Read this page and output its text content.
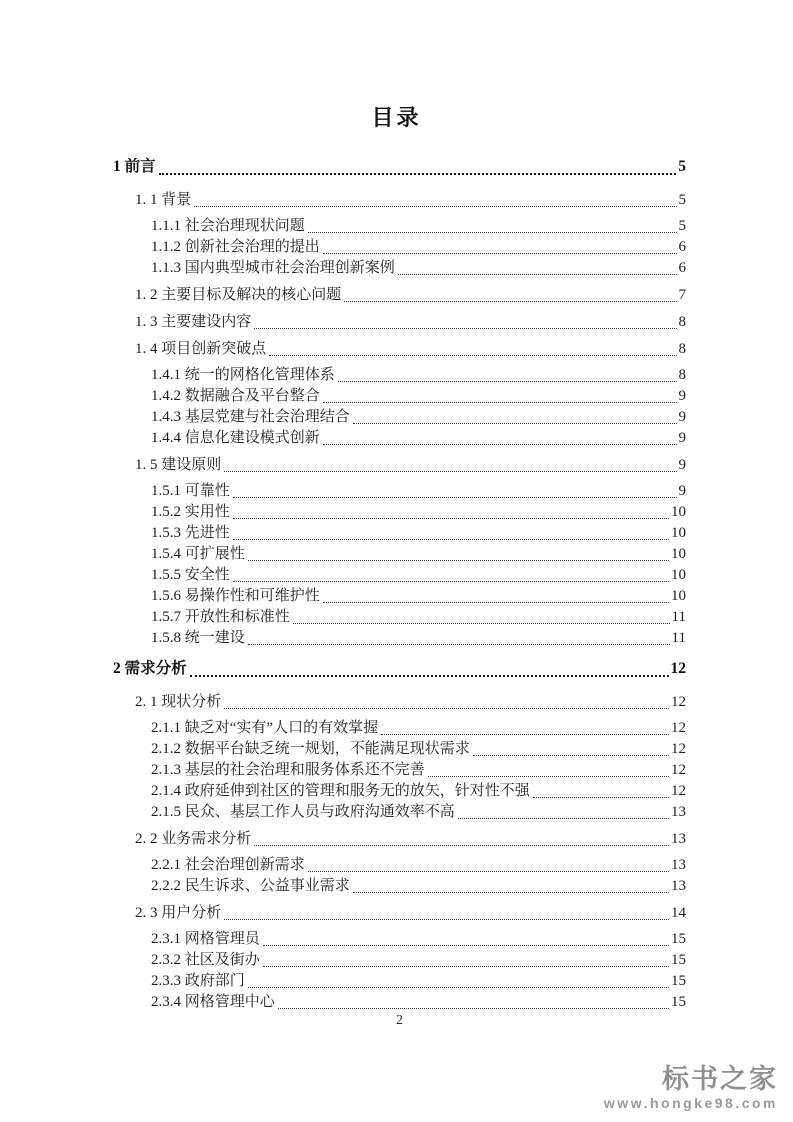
目录
1 前言	5
1. 1 背景	5
1.1.1 社会治理现状问题	5
1.1.2 创新社会治理的提出	6
1.1.3 国内典型城市社会治理创新案例	6
1. 2 主要目标及解决的核心问题	7
1. 3 主要建设内容	8
1. 4 项目创新突破点	8
1.4.1 统一的网格化管理体系	8
1.4.2 数据融合及平台整合	9
1.4.3 基层党建与社会治理结合	9
1.4.4 信息化建设模式创新	9
1. 5 建设原则	9
1.5.1 可靠性	9
1.5.2 实用性	10
1.5.3 先进性	10
1.5.4 可扩展性	10
1.5.5 安全性	10
1.5.6 易操作性和可维护性	10
1.5.7 开放性和标准性	11
1.5.8 统一建设	11
2 需求分析	12
2. 1 现状分析	12
2.1.1 缺乏对“实有”人口的有效掌握	12
2.1.2 数据平台缺乏统一规划，不能满足现状需求	12
2.1.3 基层的社会治理和服务体系还不完善	12
2.1.4 政府延伸到社区的管理和服务无的放矢，针对性不强	12
2.1.5 民众、基层工作人员与政府沟通效率不高	13
2. 2 业务需求分析	13
2.2.1 社会治理创新需求	13
2.2.2 民生诉求、公益事业需求	13
2. 3 用户分析	14
2.3.1 网格管理员	15
2.3.2 社区及街办	15
2.3.3 政府部门	15
2.3.4 网格管理中心	15
2
标书之家
www.hongke98.com
